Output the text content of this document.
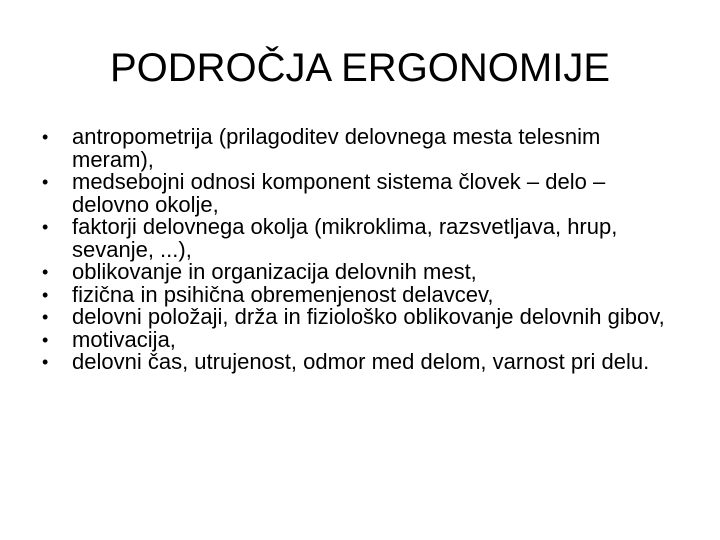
PODROČJA ERGONOMIJE
•	antropometrija (prilagoditev delovnega mesta telesnim meram),
•	medsebojni odnosi komponent sistema človek – delo – delovno okolje,
•	faktorji delovnega okolja (mikroklima, razsvetljava, hrup, sevanje, ...),
•	oblikovanje in organizacija delovnih mest,
•	fizična in psihična obremenjenost delavcev,
•	delovni položaji, drža in fiziološko oblikovanje delovnih gibov,
•	motivacija,
•	delovni čas, utrujenost, odmor med delom, varnost pri delu.
